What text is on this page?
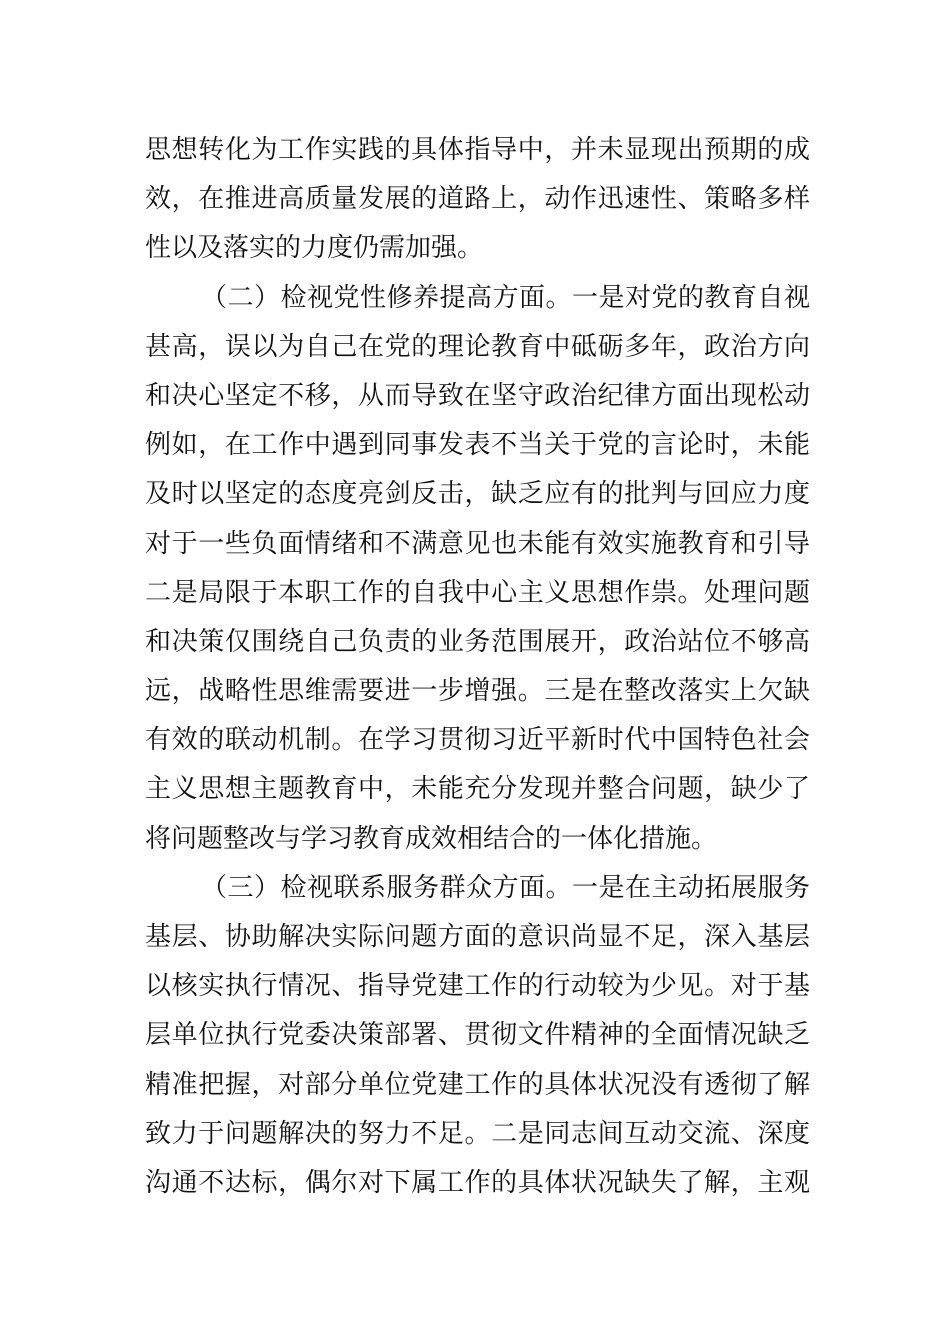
思想转化为工作实践的具体指导中，并未显现出预期的成
效，在推进高质量发展的道路上，动作迅速性、策略多样
性以及落实的力度仍需加强。
（二）检视党性修养提高方面。一是对党的教育自视
甚高，误以为自己在党的理论教育中砥砺多年，政治方向
和决心坚定不移，从而导致在坚守政治纪律方面出现松动
例如，在工作中遇到同事发表不当关于党的言论时，未能
及时以坚定的态度亮剑反击，缺乏应有的批判与回应力度
对于一些负面情绪和不满意见也未能有效实施教育和引导
二是局限于本职工作的自我中心主义思想作祟。处理问题
和决策仅围绕自己负责的业务范围展开，政治站位不够高
远，战略性思维需要进一步增强。三是在整改落实上欠缺
有效的联动机制。在学习贯彻习近平新时代中国特色社会
主义思想主题教育中，未能充分发现并整合问题，缺少了
将问题整改与学习教育成效相结合的一体化措施。
（三）检视联系服务群众方面。一是在主动拓展服务
基层、协助解决实际问题方面的意识尚显不足，深入基层
以核实执行情况、指导党建工作的行动较为少见。对于基
层单位执行党委决策部署、贯彻文件精神的全面情况缺乏
精准把握，对部分单位党建工作的具体状况没有透彻了解
致力于问题解决的努力不足。二是同志间互动交流、深度
沟通不达标，偶尔对下属工作的具体状况缺失了解，主观
